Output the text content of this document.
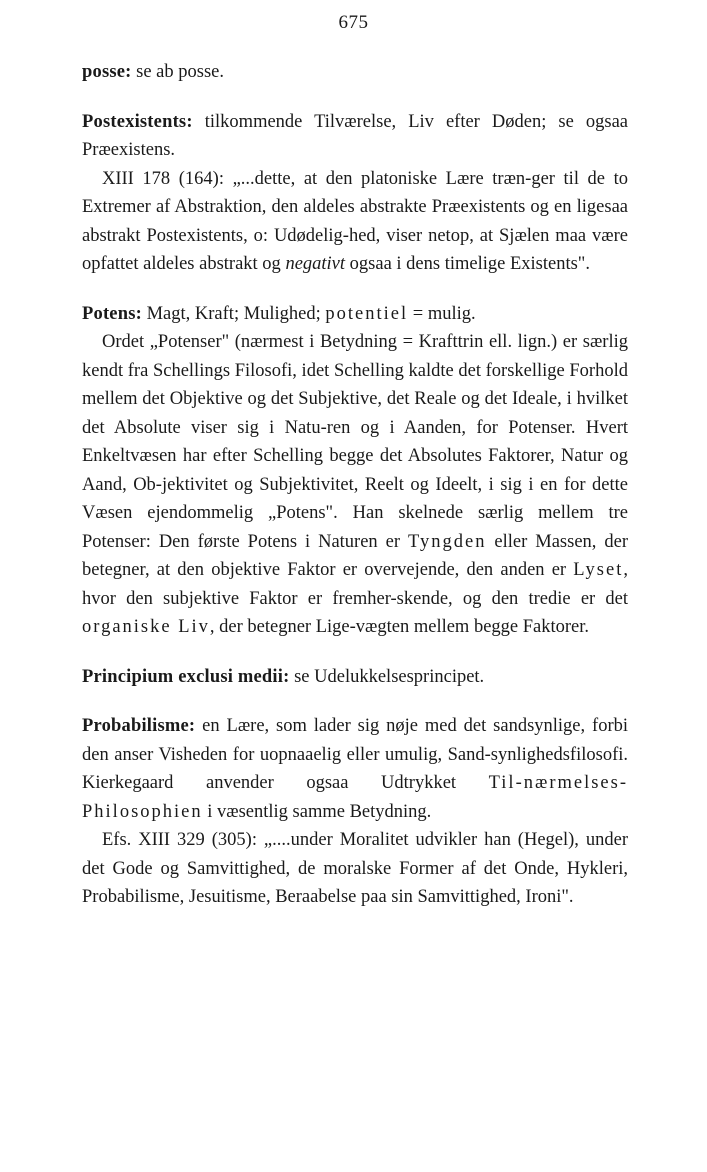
675

posse: se ab posse.

Postexistents: tilkommende Tilværelse, Liv efter Døden; se ogsaa Præexistens.

XIII 178 (164): „...dette, at den platoniske Lære træn-ger til de to Extremer af Abstraktion, den aldeles abstrakte Præexistents og en ligesaa abstrakt Postexistents, o: Udødelig-hed, viser netop, at Sjælen maa være opfattet aldeles abstrakt og negativt ogsaa i dens timelige Existents".

Potens: Magt, Kraft; Mulighed; potentiel = mulig.

Ordet „Potenser" (nærmest i Betydning = Krafttrin ell. lign.) er særlig kendt fra Schellings Filosofi, idet Schelling kaldte det forskellige Forhold mellem det Objektive og det Subjektive, det Reale og det Ideale, i hvilket det Absolute viser sig i Natu-ren og i Aanden, for Potenser. Hvert Enkeltvæsen har efter Schelling begge det Absolutes Faktorer, Natur og Aand, Ob-jektivitet og Subjektivitet, Reelt og Ideelt, i sig i en for dette Væsen ejendommelig „Potens". Han skelnede særlig mellem tre Potenser: Den første Potens i Naturen er Tyngden eller Massen, der betegner, at den objektive Faktor er overvejende, den anden er Lyset, hvor den subjektive Faktor er fremher-skende, og den tredie er det organiske Liv, der betegner Lige-vægten mellem begge Faktorer.

Principium exclusi medii: se Udelukkelsesprincipet.

Probabilisme: en Lære, som lader sig nøje med det sandsynlige, forbi den anser Visheden for uopnaaelig eller umulig, Sand-synlighedsfilosofi. Kierkegaard anvender ogsaa Udtrykket Til-nærmelses-Philosophien i væsentlig samme Betydning.

Efs. XIII 329 (305): „....under Moralitet udvikler han (Hegel), under det Gode og Samvittighed, de moralske Former af det Onde, Hykleri, Probabilisme, Jesuitisme, Beraabelse paa sin Samvittighed, Ironi".
